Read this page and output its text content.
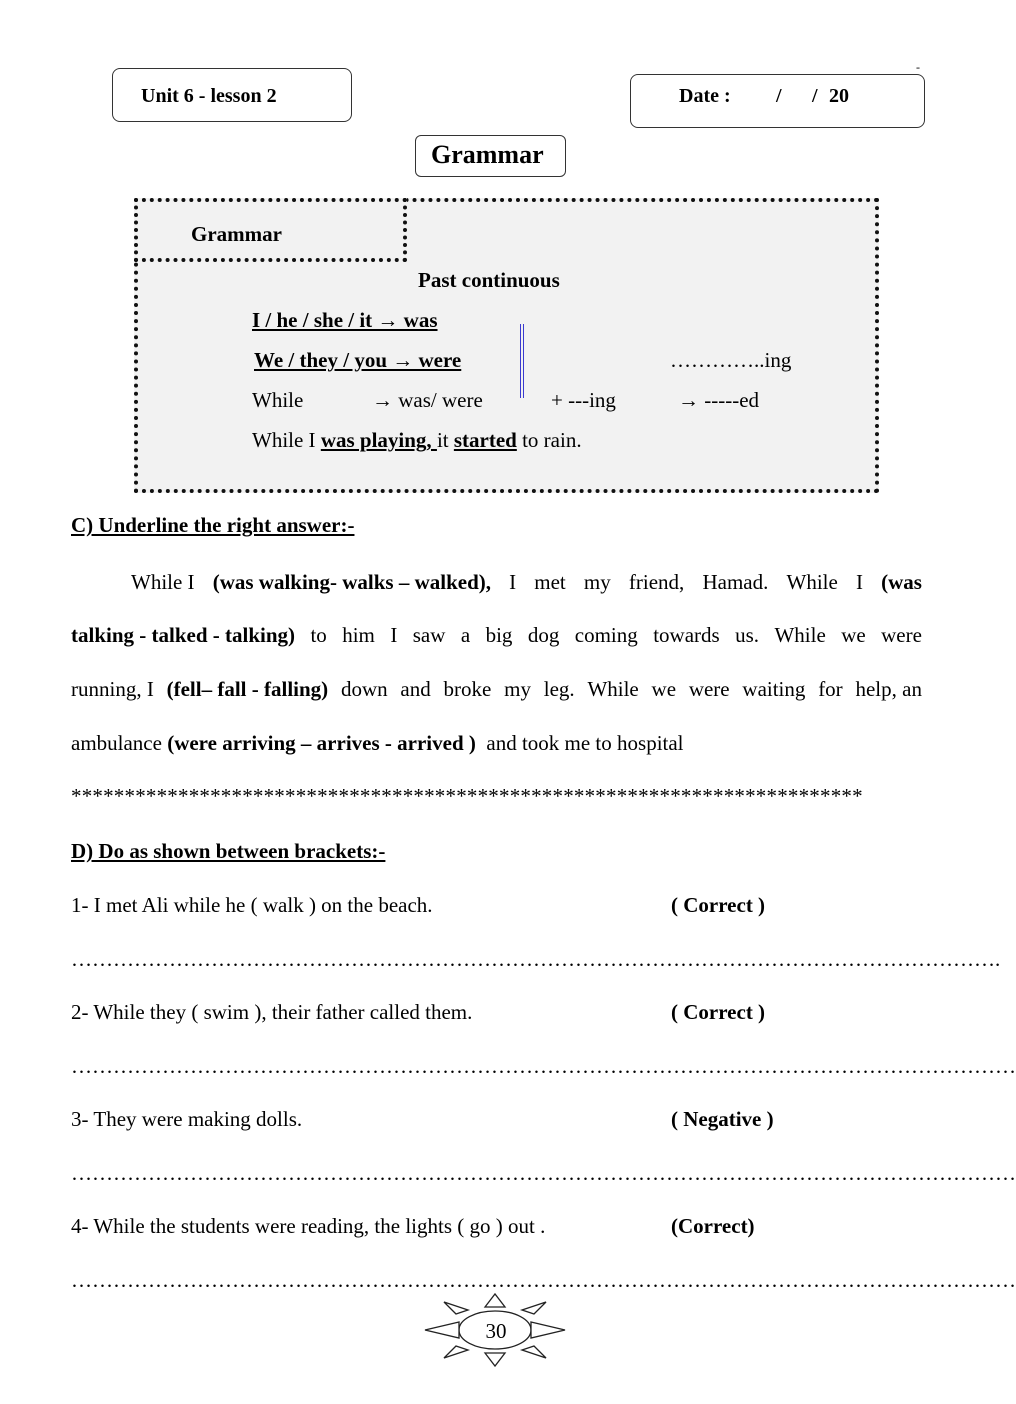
Unit 6 - lesson 2	Date : / / 20
-
Grammar
Grammar
Past continuous
I / he / she / it → was
We / they / you → were	…………..ing
While	→ was/ were	+ ---ing	→ -----ed
While I was playing, it started to rain.
C) Underline the right answer:-
While I (was walking- walks – walked), I met my friend, Hamad. While I (was
talking - talked - talking) to him I saw a big dog coming towards us. While we were
running, I (fell– fall - falling) down and broke my leg. While we were waiting for help, an
ambulance (were arriving – arrives - arrived )  and took me to hospital
**************************************************************************
D) Do as shown between brackets:-
1- I met Ali while he ( walk ) on the beach.	( Correct )
…………………………………………………………………………………………………………………….
2- While they ( swim ), their father called them.	( Correct )
………………………………………………………………………………………………………………………
3- They were making dolls.	( Negative )
………………………………………………………………………………………………………………………
4- While the students were reading, the lights ( go ) out .	(Correct)
………………………………………………………………………………………………………………………
30
